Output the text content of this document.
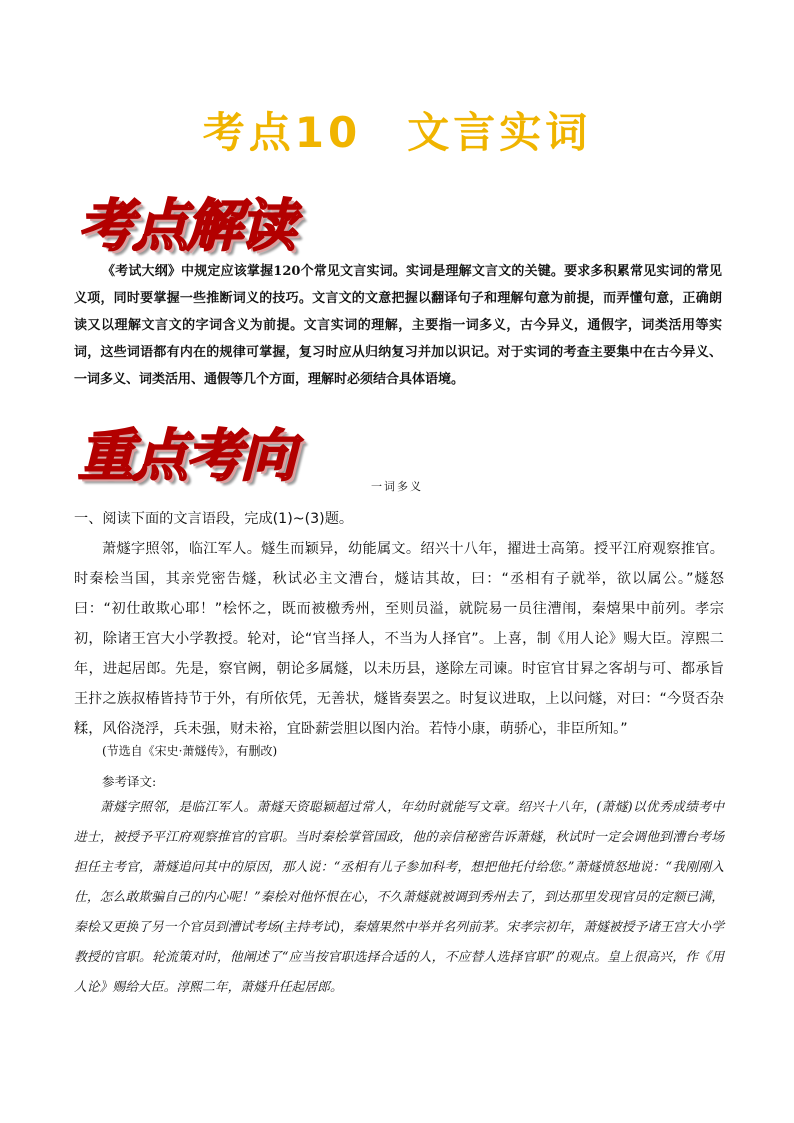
考点10　文言实词
考点解读

《考试大纲》中规定应该掌握120个常见文言实词。实词是理解文言文的关键。要求多积累常见实词的常见义项，同时要掌握一些推断词义的技巧。文言文的文意把握以翻译句子和理解句意为前提，而弄懂句意，正确朗读又以理解文言文的字词含义为前提。文言实词的理解，主要指一词多义，古今异义，通假字，词类活用等实词，这些词语都有内在的规律可掌握，复习时应从归纳复习并加以识记。对于实词的考查主要集中在古今异义、一词多义、词类活用、通假等几个方面，理解时必须结合具体语境。

重点考向	一词多义

一、阅读下面的文言语段，完成(1)~(3)题。

萧燧字照邻，临江军人。燧生而颖异，幼能属文。绍兴十八年，擢进士高第。授平江府观察推官。时秦桧当国，其亲党密告燧，秋试必主文漕台，燧诘其故，曰：“丞相有子就举，欲以属公。”燧怒曰：“初仕敢欺心耶！”桧怀之，既而被檄秀州，至则员溢，就院易一员往漕闱，秦熺果中前列。孝宗初，除诸王宫大小学教授。轮对，论“官当择人，不当为人择官”。上喜，制《用人论》赐大臣。淳熙二年，进起居郎。先是，察官阙，朝论多属燧，以未历县，遂除左司谏。时宦官甘昪之客胡与可、都承旨王抃之族叔椿皆持节于外，有所依凭，无善状，燧皆奏罢之。时复议进取，上以问燧，对曰：“今贤否杂糅，风俗浇浮，兵未强，财未裕，宜卧薪尝胆以图内治。若恃小康，萌骄心，非臣所知。”

(节选自《宋史·萧燧传》，有删改)
参考译文:

萧燧字照邻，是临江军人。萧燧天资聪颖超过常人，年幼时就能写文章。绍兴十八年，(萧燧)以优秀成绩考中进士，被授予平江府观察推官的官职。当时秦桧掌管国政，他的亲信秘密告诉萧燧，秋试时一定会调他到漕台考场担任主考官，萧燧追问其中的原因，那人说：“丞相有儿子参加科考，想把他托付给您。”萧燧愤怒地说：“我刚刚入仕，怎么敢欺骗自己的内心呢！”秦桧对他怀恨在心，不久萧燧就被调到秀州去了，到达那里发现官员的定额已满，秦桧又更换了另一个官员到漕试考场(主持考试)，秦熺果然中举并名列前茅。宋孝宗初年，萧燧被授予诸王宫大小学教授的官职。轮流策对时，他阐述了“应当按官职选择合适的人，不应替人选择官职”的观点。皇上很高兴，作《用人论》赐给大臣。淳熙二年，萧燧升任起居郎。
